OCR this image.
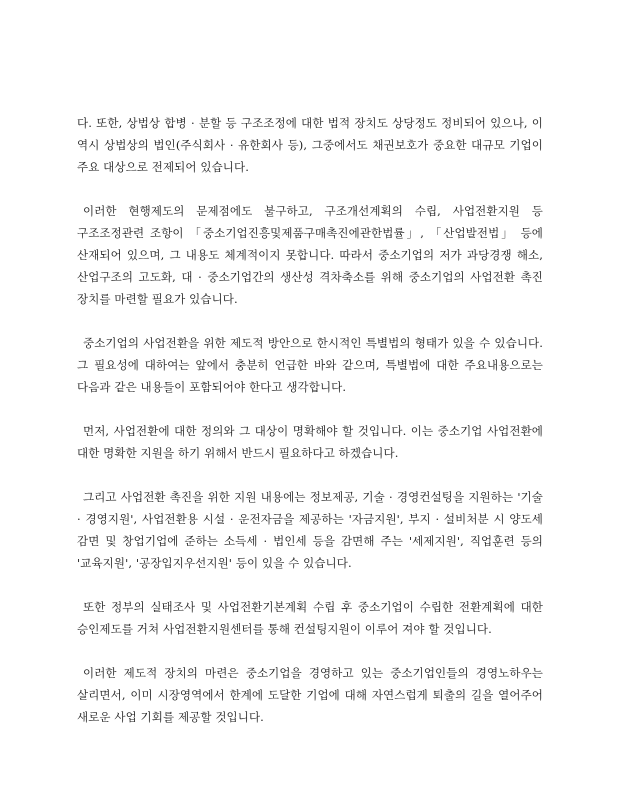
다. 또한, 상법상 합병 · 분할 등 구조조정에 대한 법적 장치도 상당정도 정비되어 있으나, 이 역시 상법상의 법인(주식회사 · 유한회사 등), 그중에서도 채권보호가 중요한 대규모 기업이 주요 대상으로 전제되어 있습니다.

이러한 현행제도의 문제점에도 불구하고, 구조개선계획의 수립, 사업전환지원 등 구조조정관련 조항이 「중소기업진흥및제품구매촉진에관한법률」, 「산업발전법」 등에 산재되어 있으며, 그 내용도 체계적이지 못합니다. 따라서 중소기업의 저가 과당경쟁 해소, 산업구조의 고도화, 대 · 중소기업간의 생산성 격차축소를 위해 중소기업의 사업전환 촉진 장치를 마련할 필요가 있습니다.

중소기업의 사업전환을 위한 제도적 방안으로 한시적인 특별법의 형태가 있을 수 있습니다. 그 필요성에 대하여는 앞에서 충분히 언급한 바와 같으며, 특별법에 대한 주요내용으로는 다음과 같은 내용들이 포함되어야 한다고 생각합니다.

먼저, 사업전환에 대한 정의와 그 대상이 명확해야 할 것입니다. 이는 중소기업 사업전환에 대한 명확한 지원을 하기 위해서 반드시 필요하다고 하겠습니다.

그리고 사업전환 촉진을 위한 지원 내용에는 정보제공, 기술 · 경영컨설팅을 지원하는 '기술 · 경영지원', 사업전환용 시설 · 운전자금을 제공하는 '자금지원', 부지 · 설비처분 시 양도세 감면 및 창업기업에 준하는 소득세 · 법인세 등을 감면해 주는 '세제지원', 직업훈련 등의 '교육지원', '공장입지우선지원' 등이 있을 수 있습니다.

또한 정부의 실태조사 및 사업전환기본계획 수립 후 중소기업이 수립한 전환계획에 대한 승인제도를 거쳐 사업전환지원센터를 통해 컨설팅지원이 이루어 져야 할 것입니다.

이러한 제도적 장치의 마련은 중소기업을 경영하고 있는 중소기업인들의 경영노하우는 살리면서, 이미 시장영역에서 한계에 도달한 기업에 대해 자연스럽게 퇴출의 길을 열어주어 새로운 사업 기회를 제공할 것입니다.
